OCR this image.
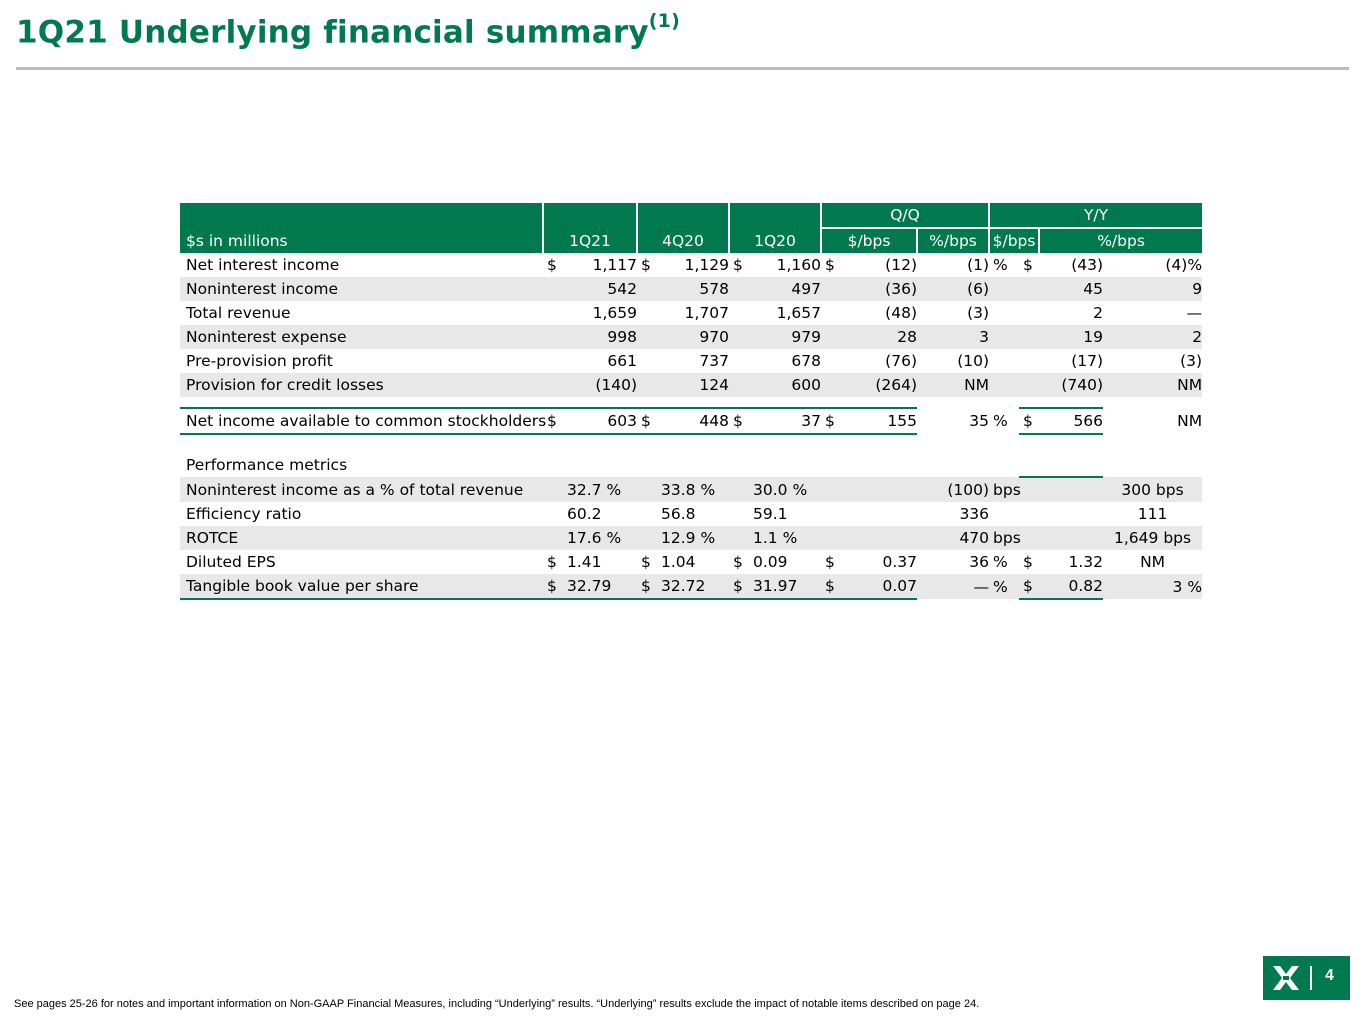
1Q21 Underlying financial summary$^{(1)}$
							Q/Q			Y/Y			
$s in millions	1Q21		4Q20		1Q20		$/bps		%/bps	$/bps		%/bps	
Net interest income	$	1,117	$	1,129	$	1,160	$	(12)	(1)	%	$	(43)	(4)%
Noninterest income		542		578		497		(36)	(6)			45	9
Total revenue		1,659		1,707		1,657		(48)	(3)			2	—
Noninterest expense		998		970		979		28	3			19	2
Pre-provision profit		661		737		678		(76)	(10)			(17)	(3)
Provision for credit losses		(140)		124		600		(264)	NM			(740)	NM

Net income available to common stockholders	$	603	$	448	$	37	$	155	35	%	$	566	NM

Performance metrics													
Noninterest income as a % of total revenue		32.7 %		33.8 %		30.0 %			(100)	bps			300 bps
Efficiency ratio		60.2		56.8		59.1			336				111
ROTCE		17.6 %		12.9 %		1.1 %			470	bps			1,649 bps
Diluted EPS	$	1.41	$	1.04	$	0.09	$	0.37	36	%	$	1.32	NM
Tangible book value per share	$	32.79	$	32.72	$	31.97	$	0.07	—	%	$	0.82	3 %

See pages 25-26 for notes and important information on Non-GAAP Financial Measures, including “Underlying” results. “Underlying” results exclude the impact of notable items described on page 24.

4
